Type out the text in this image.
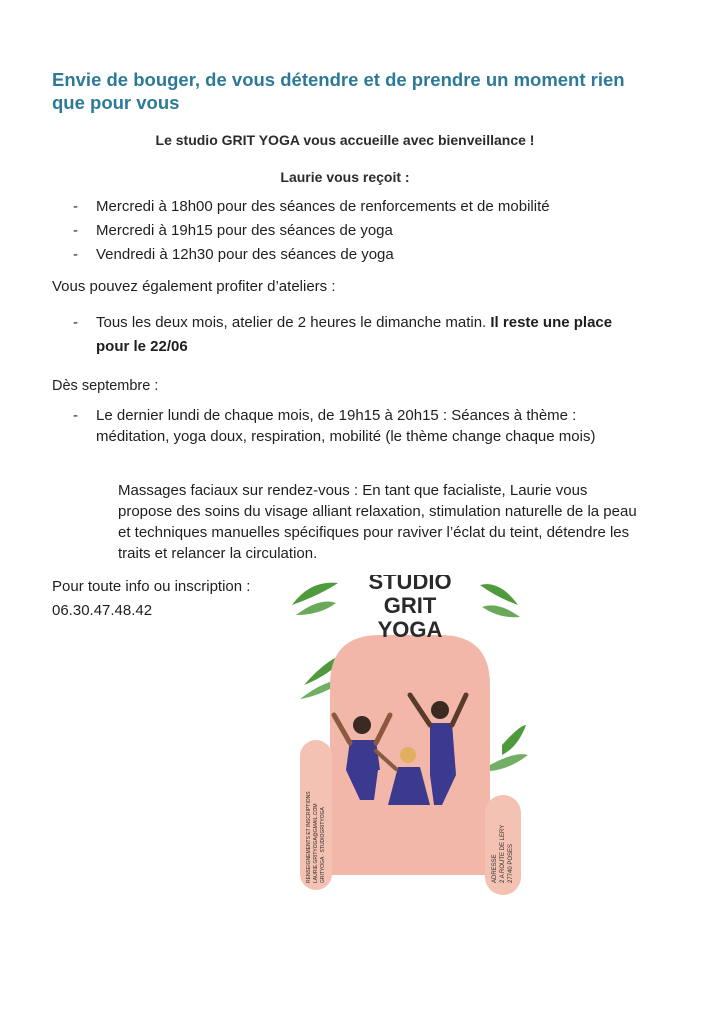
Envie de bouger, de vous détendre et de prendre un moment rien que pour vous
Le studio GRIT YOGA vous accueille avec bienveillance !
Laurie vous reçoit :
- Mercredi à 18h00 pour des séances de renforcements et de mobilité
- Mercredi à 19h15 pour des séances de yoga
- Vendredi à 12h30 pour des séances de yoga
Vous pouvez également profiter d’ateliers :
- Tous les deux mois, atelier de 2 heures le dimanche matin. Il reste une place pour le 22/06
Dès septembre :
- Le dernier lundi de chaque mois, de 19h15 à 20h15 : Séances à thème : méditation, yoga doux, respiration, mobilité (le thème change chaque mois)
Massages faciaux sur rendez-vous : En tant que facialiste, Laurie vous propose des soins du visage alliant relaxation, stimulation naturelle de la peau et techniques manuelles spécifiques pour raviver l’éclat du teint, détendre les traits et relancer la circulation.
Pour toute info ou inscription : 06.30.47.48.42
STUDIO
GRIT
YOGA
RENSEIGNEMENTS ET INSCRIPTIONS LAURIE.GRITYOGA@GMAIL.COM GRITYOGA · STUDIOGRITYOGA	ADRESSE 2 A ROUTE DE LERY 27740 POSES
